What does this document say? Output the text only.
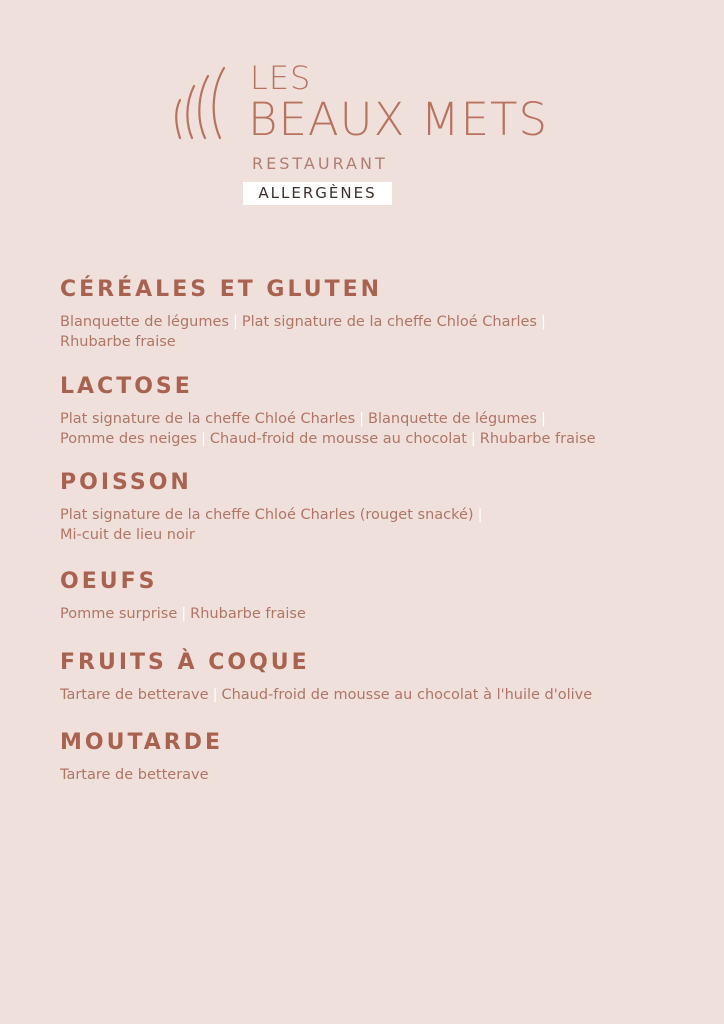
LES
BEAUX METS
RESTAURANT
ALLERGÈNES
CÉRÉALES ET GLUTEN
Blanquette de légumes | Plat signature de la cheffe Chloé Charles |
Rhubarbe fraise
LACTOSE
Plat signature de la cheffe Chloé Charles | Blanquette de légumes |
Pomme des neiges | Chaud-froid de mousse au chocolat | Rhubarbe fraise
POISSON
Plat signature de la cheffe Chloé Charles (rouget snacké) |
Mi-cuit de lieu noir
OEUFS
Pomme surprise | Rhubarbe fraise
FRUITS À COQUE
Tartare de betterave | Chaud-froid de mousse au chocolat à l'huile d'olive
MOUTARDE
Tartare de betterave
